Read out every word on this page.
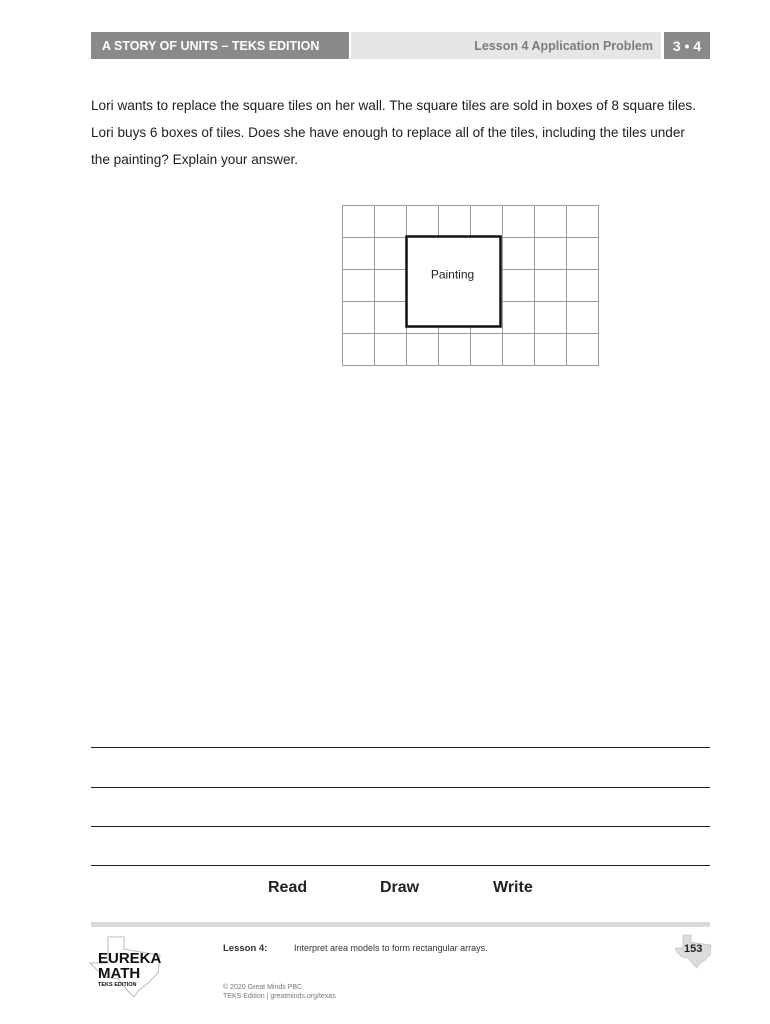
A STORY OF UNITS – TEKS EDITION	Lesson 4 Application Problem 3 • 4

Lori wants to replace the square tiles on her wall. The square tiles are sold in boxes of 8 square tiles.

Lori buys 6 boxes of tiles. Does she have enough to replace all of the tiles, including the tiles under

the painting? Explain your answer.

Painting
Read	Draw	Write
EUREKA
MATH
TEKS EDITION
Lesson 4:	Interpret area models to form rectangular arrays.
© 2020 Great Minds PBC
TEKS Edition | greatminds.org/texas
153
